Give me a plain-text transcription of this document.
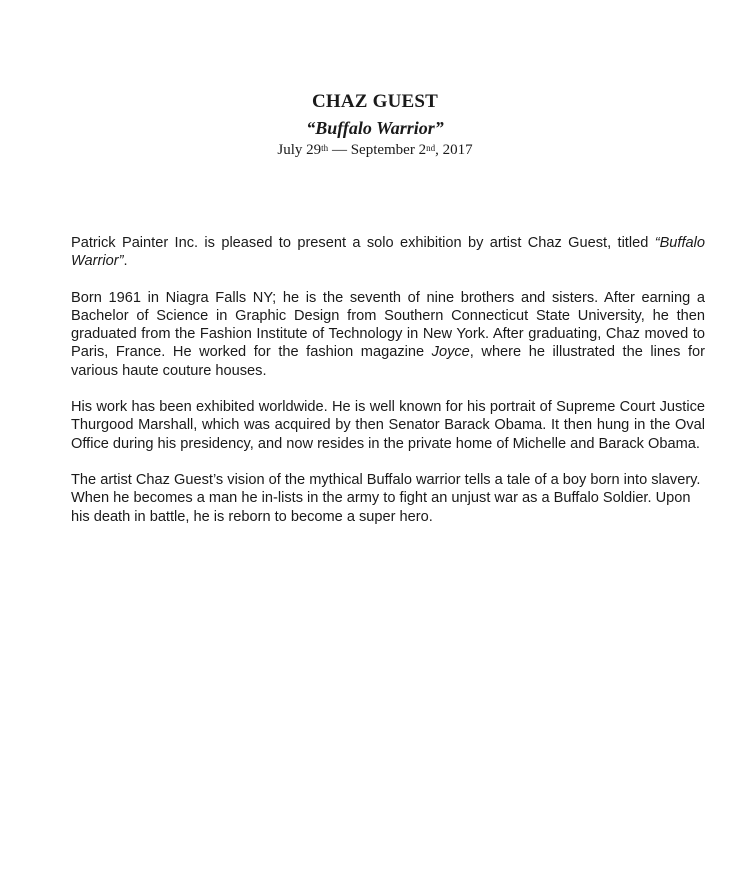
CHAZ GUEST
“Buffalo Warrior”
July 29th — September 2nd, 2017

Patrick Painter Inc. is pleased to present a solo exhibition by artist Chaz Guest, titled “Buffalo Warrior”.

Born 1961 in Niagra Falls NY; he is the seventh of nine brothers and sisters. After earning a Bachelor of Science in Graphic Design from Southern Connecticut State University, he then graduated from the Fashion Institute of Technology in New York. After graduating, Chaz moved to Paris, France. He worked for the fashion magazine Joyce, where he illustrated the lines for various haute couture houses.

His work has been exhibited worldwide. He is well known for his portrait of Supreme Court Justice Thurgood Marshall, which was acquired by then Senator Barack Obama. It then hung in the Oval Office during his presidency, and now resides in the private home of Michelle and Barack Obama.

The artist Chaz Guest’s vision of the mythical Buffalo warrior tells a tale of a boy born into slavery. When he becomes a man he in-lists in the army to fight an unjust war as a Buffalo Soldier. Upon his death in battle, he is reborn to become a super hero.
